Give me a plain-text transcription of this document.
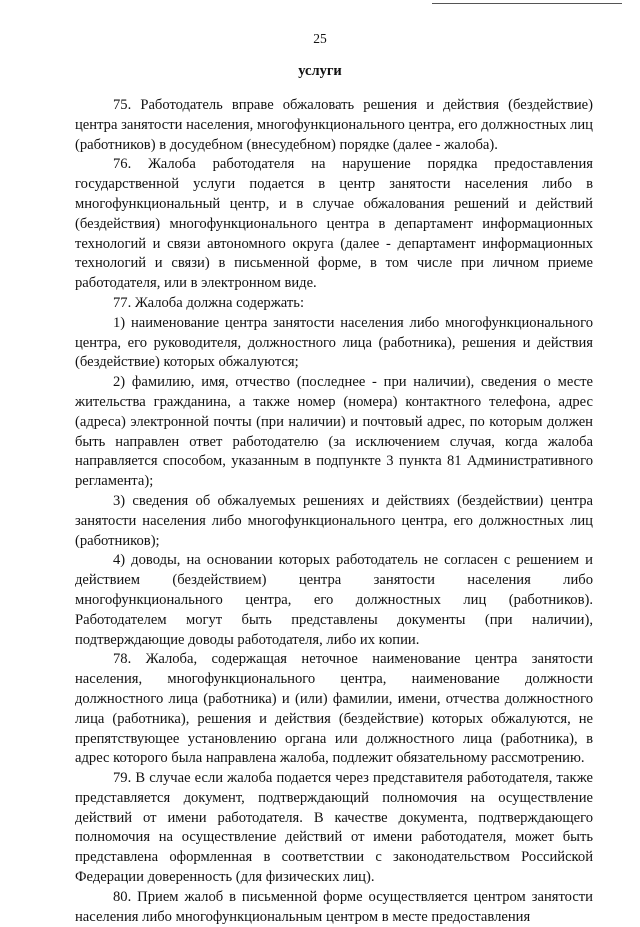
25
услуги

75. Работодатель вправе обжаловать решения и действия (бездействие) центра занятости населения, многофункционального центра, его должностных лиц (работников) в досудебном (внесудебном) порядке (далее - жалоба).

76. Жалоба работодателя на нарушение порядка предоставления государственной услуги подается в центр занятости населения либо в многофункциональный центр, и в случае обжалования решений и действий (бездействия) многофункционального центра в департамент информационных технологий и связи автономного округа (далее - департамент информационных технологий и связи) в письменной форме, в том числе при личном приеме работодателя, или в электронном виде.

77. Жалоба должна содержать:

1) наименование центра занятости населения либо многофункционального центра, его руководителя, должностного лица (работника), решения и действия (бездействие) которых обжалуются;

2) фамилию, имя, отчество (последнее - при наличии), сведения о месте жительства гражданина, а также номер (номера) контактного телефона, адрес (адреса) электронной почты (при наличии) и почтовый адрес, по которым должен быть направлен ответ работодателю (за исключением случая, когда жалоба направляется способом, указанным в подпункте 3 пункта 81 Административного регламента);

3) сведения об обжалуемых решениях и действиях (бездействии) центра занятости населения либо многофункционального центра, его должностных лиц (работников);

4) доводы, на основании которых работодатель не согласен с решением и действием (бездействием) центра занятости населения либо многофункционального центра, его должностных лиц (работников). Работодателем могут быть представлены документы (при наличии), подтверждающие доводы работодателя, либо их копии.

78. Жалоба, содержащая неточное наименование центра занятости населения, многофункционального центра, наименование должности должностного лица (работника) и (или) фамилии, имени, отчества должностного лица (работника), решения и действия (бездействие) которых обжалуются, не препятствующее установлению органа или должностного лица (работника), в адрес которого была направлена жалоба, подлежит обязательному рассмотрению.

79. В случае если жалоба подается через представителя работодателя, также представляется документ, подтверждающий полномочия на осуществление действий от имени работодателя. В качестве документа, подтверждающего полномочия на осуществление действий от имени работодателя, может быть представлена оформленная в соответствии с законодательством Российской Федерации доверенность (для физических лиц).

80. Прием жалоб в письменной форме осуществляется центром занятости населения либо многофункциональным центром в месте предоставления
